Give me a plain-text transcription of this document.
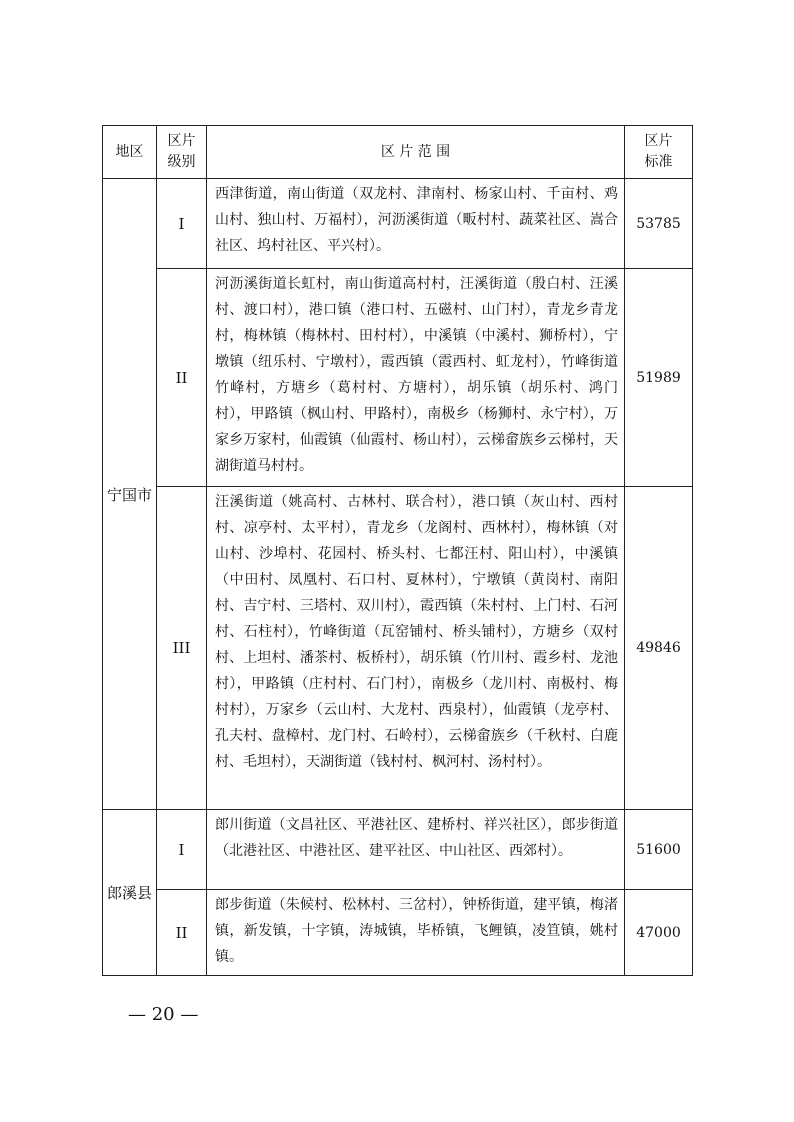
地区	区片
级别	区 片 范 围	区片
标准
宁国市	I	西津街道，南山街道（双龙村、津南村、杨家山村、千亩村、鸡山村、独山村、万福村），河沥溪街道（畈村村、蔬菜社区、嵩合社区、坞村社区、平兴村）。	53785
	II	河沥溪街道长虹村，南山街道高村村，汪溪街道（殷白村、汪溪村、渡口村），港口镇（港口村、五磁村、山门村），青龙乡青龙村，梅林镇（梅林村、田村村），中溪镇（中溪村、狮桥村），宁墩镇（纽乐村、宁墩村），霞西镇（霞西村、虹龙村），竹峰街道竹峰村，方塘乡（葛村村、方塘村），胡乐镇（胡乐村、鸿门村），甲路镇（枫山村、甲路村），南极乡（杨狮村、永宁村），万家乡万家村，仙霞镇（仙霞村、杨山村），云梯畲族乡云梯村，天湖街道马村村。	51989
	III	汪溪街道（姚高村、古林村、联合村），港口镇（灰山村、西村村、凉亭村、太平村），青龙乡（龙阁村、西林村），梅林镇（对山村、沙埠村、花园村、桥头村、七都汪村、阳山村），中溪镇（中田村、凤凰村、石口村、夏林村），宁墩镇（黄岗村、南阳村、吉宁村、三塔村、双川村），霞西镇（朱村村、上门村、石河村、石柱村），竹峰街道（瓦窑铺村、桥头铺村），方塘乡（双村村、上坦村、潘茶村、板桥村），胡乐镇（竹川村、霞乡村、龙池村），甲路镇（庄村村、石门村），南极乡（龙川村、南极村、梅村村），万家乡（云山村、大龙村、西泉村），仙霞镇（龙亭村、孔夫村、盘樟村、龙门村、石岭村），云梯畲族乡（千秋村、白鹿村、毛坦村），天湖街道（钱村村、枫河村、汤村村）。	49846
郎溪县	I	郎川街道（文昌社区、平港社区、建桥村、祥兴社区），郎步街道（北港社区、中港社区、建平社区、中山社区、西郊村）。	51600
	II	郎步街道（朱候村、松林村、三岔村），钟桥街道，建平镇，梅渚镇，新发镇，十字镇，涛城镇，毕桥镇，飞鲤镇，凌笪镇，姚村镇。	47000
— 20 —
